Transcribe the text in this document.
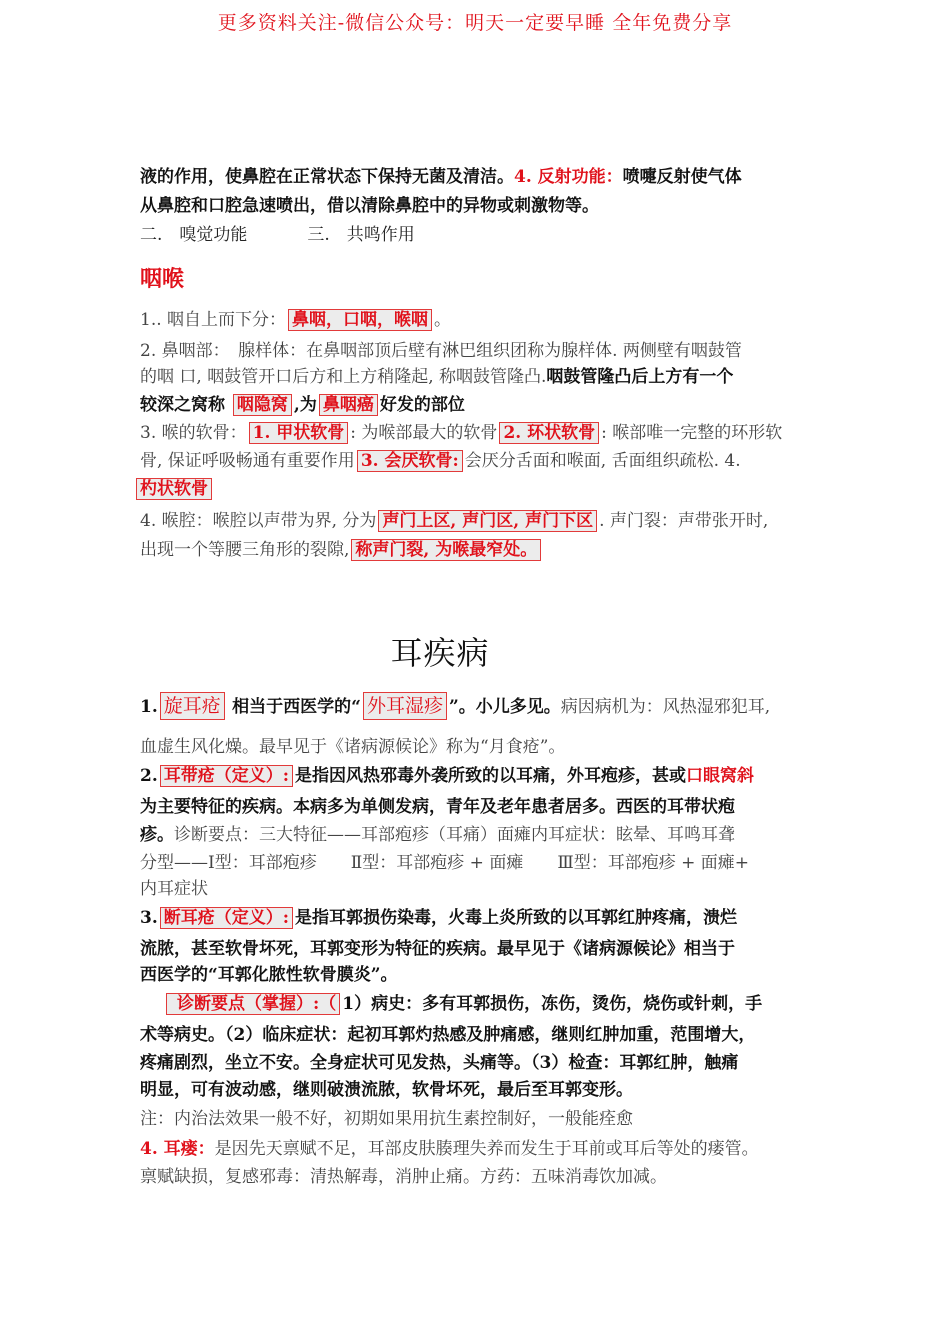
更多资料关注-微信公众号：明天一定要早睡 全年免费分享
液的作用，使鼻腔在正常状态下保持无菌及清洁。4. 反射功能：喷嚏反射使气体
从鼻腔和口腔急速喷出，借以清除鼻腔中的异物或刺激物等。
二.　嗅觉功能	三.　共鸣作用
咽喉
1.. 咽自上而下分： 鼻咽，口咽，喉咽 。
2. 鼻咽部：　腺样体：在鼻咽部顶后壁有淋巴组织团称为腺样体. 两侧壁有咽鼓管
的咽 口, 咽鼓管开口后方和上方稍隆起, 称咽鼓管隆凸.咽鼓管隆凸后上方有一个
较深之窝称 咽隐窝 ,为 鼻咽癌 好发的部位
3. 喉的软骨： 1. 甲状软骨 : 为喉部最大的软骨 2. 环状软骨 : 喉部唯一完整的环形软
骨, 保证呼吸畅通有重要作用 3. 会厌软骨: 会厌分舌面和喉面, 舌面组织疏松. 4.
杓状软骨
4. 喉腔：喉腔以声带为界, 分为 声门上区, 声门区, 声门下区 . 声门裂：声带张开时,
出现一个等腰三角形的裂隙, 称声门裂, 为喉最窄处。
耳疾病
1. 旋耳疮 相当于西医学的“ 外耳湿疹 ”。小儿多见。病因病机为：风热湿邪犯耳,
血虚生风化燥。最早见于《诸病源候论》称为“月食疮”。
2. 耳带疮（定义）: 是指因风热邪毒外袭所致的以耳痛，外耳疱疹，甚或口眼窝斜
为主要特征的疾病。本病多为单侧发病，青年及老年患者居多。西医的耳带状疱
疹。诊断要点：三大特征——耳部疱疹（耳痛）面瘫内耳症状：眩晕、耳鸣耳聋
分型——Ⅰ型：耳部疱疹　　Ⅱ型：耳部疱疹 + 面瘫　　Ⅲ型：耳部疱疹 + 面瘫+
内耳症状
3. 断耳疮（定义）: 是指耳郭损伤染毒，火毒上炎所致的以耳郭红肿疼痛，溃烂
流脓，甚至软骨坏死，耳郭变形为特征的疾病。最早见于《诸病源候论》相当于
西医学的“耳郭化脓性软骨膜炎”。
诊断要点（掌握）:（ 1）病史：多有耳郭损伤，冻伤，烫伤，烧伤或针刺，手
术等病史。（2）临床症状：起初耳郭灼热感及肿痛感，继则红肿加重，范围增大，
疼痛剧烈，坐立不安。全身症状可见发热，头痛等。（3）检查：耳郭红肿，触痛
明显，可有波动感，继则破溃流脓，软骨坏死，最后至耳郭变形。
注：内治法效果一般不好，初期如果用抗生素控制好，一般能痊愈
4. 耳瘘：是因先天禀赋不足，耳部皮肤腠理失养而发生于耳前或耳后等处的瘘管。
禀赋缺损，复感邪毒：清热解毒，消肿止痛。方药：五味消毒饮加减。
